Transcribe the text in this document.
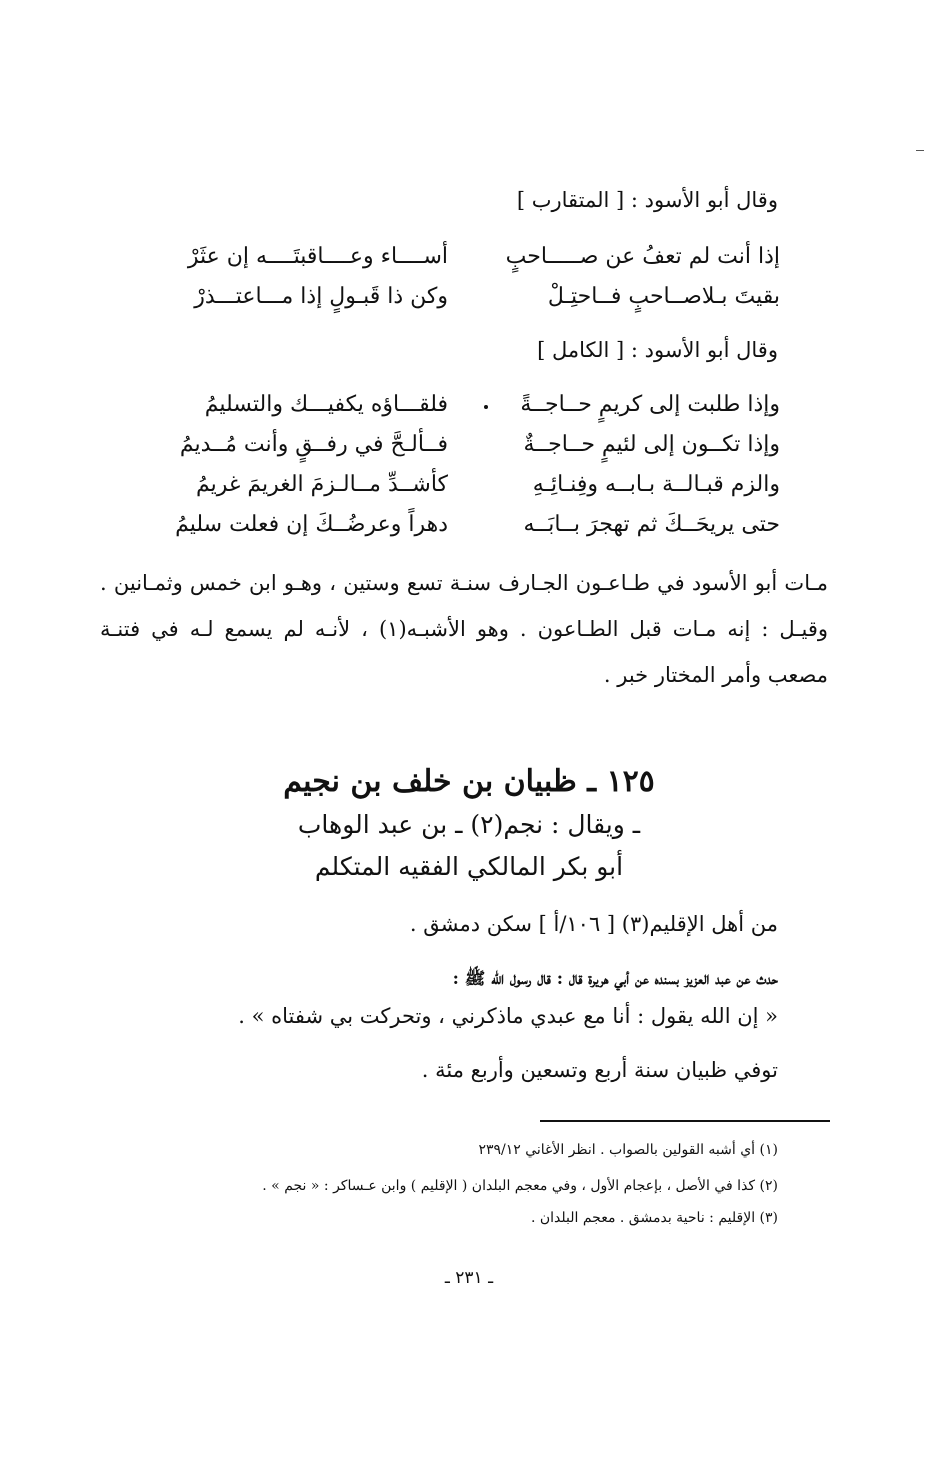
وقال أبو الأسود : [ المتقارب ]
إذا أنت لم تعفُ عن صـــــاحبٍ
أســــاء وعــــاقبتَــــه إن عثَرْ
بقيتَ بـلاصــاحبٍ فــاحتِـلْ
وكن ذا قَبـولٍ إذا مـــاعتـــذرْ
وقال أبو الأسود : [ الكامل ]
وإذا طلبت إلى كريمٍ حــاجــةً
فلقـــاؤه يكفيـــك والتسليمُ
وإذا تكــون إلى لئيمٍ حــاجــةٌ
فــألـحَّ في رفــقٍ وأنت مُــديمُ
والزم قبـالــة بـابــه وفِنـائِـهِ
كأشــدِّ مــالـزمَ الغريمَ غريمُ
حتى يريحَــكَ ثم تهجرَ بــابَــه
دهراً وعرضُــكَ إن فعلت سليمُ
مـات أبو الأسود في طـاعـون الجـارف سنـة تسع وستين ، وهـو ابن خمس وثمـانين . وقيـل : إنه مـات قبل الطـاعون . وهو الأشبـه(١) ، لأنـه لم يسمع لـه في فتنـة مصعب وأمر المختار خبر .
١٢٥ ـ ظبيان بن خلف بن نجيم
ـ ويقال : نجم(٢) ـ بن عبد الوهاب
أبو بكر المالكي الفقيه المتكلم
من أهل الإقليم(٣) [ ١٠٦/أ ] سكن دمشق .
حدث عن عبد العزيز بسنده عن أبي هريرة قال : قال رسول الله ﷺ :
« إن الله يقول : أنا مع عبدي ماذكرني ، وتحركت بي شفتاه » .
توفي ظبيان سنة أربع وتسعين وأربع مئة .
(١) أي أشبه القولين بالصواب . انظر الأغاني ٢٣٩/١٢
(٢) كذا في الأصل ، بإعجام الأول ، وفي معجم البلدان ( الإقليم ) وابن عـساكر : « نجم » .
(٣) الإقليم : ناحية بدمشق . معجم البلدان .
ـ ٢٣١ ـ
